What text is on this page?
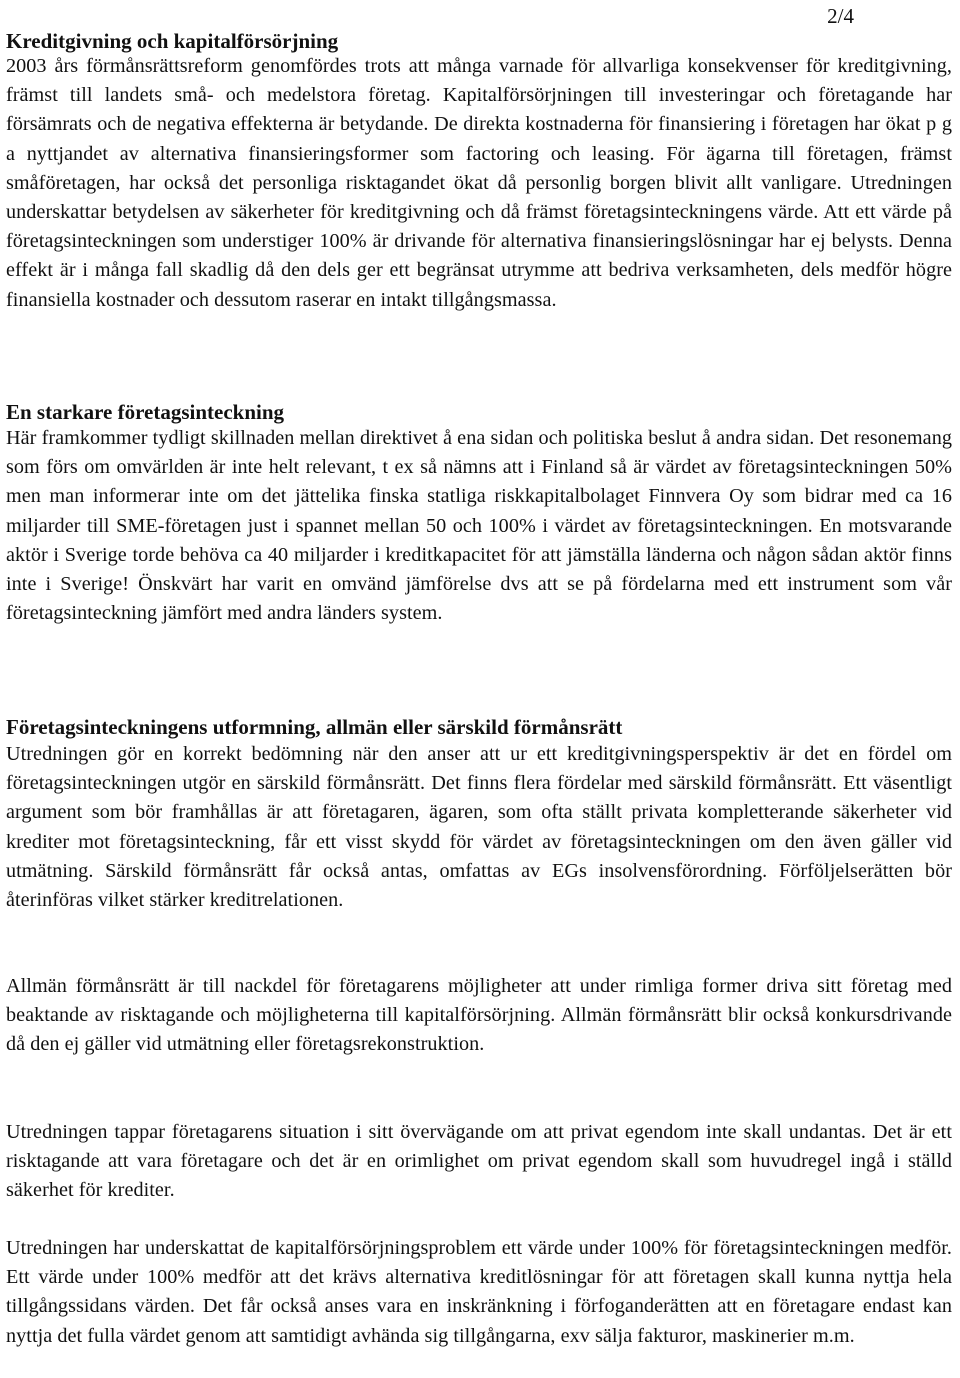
2/4
Kreditgivning och kapitalförsörjning

2003 års förmånsrättsreform genomfördes trots att många varnade för allvarliga konsekvenser för kreditgivning, främst till landets små- och medelstora företag. Kapitalförsörjningen till investeringar och företagande har försämrats och de negativa effekterna är betydande. De direkta kostnaderna för finansiering i företagen har ökat p g a nyttjandet av alternativa finansieringsformer som factoring och leasing. För ägarna till företagen, främst småföretagen, har också det personliga risktagandet ökat då personlig borgen blivit allt vanligare. Utredningen underskattar betydelsen av säkerheter för kreditgivning och då främst företagsinteckningens värde. Att ett värde på företagsinteckningen som understiger 100% är drivande för alternativa finansieringslösningar har ej belysts. Denna effekt är i många fall skadlig då den dels ger ett begränsat utrymme att bedriva verksamheten, dels medför högre finansiella kostnader och dessutom raserar en intakt tillgångsmassa.

En starkare företagsinteckning

Här framkommer tydligt skillnaden mellan direktivet å ena sidan och politiska beslut å andra sidan. Det resonemang som förs om omvärlden är inte helt relevant, t ex så nämns att i Finland så är värdet av företagsinteckningen 50% men man informerar inte om det jättelika finska statliga riskkapitalbolaget Finnvera Oy som bidrar med ca 16 miljarder till SME-företagen just i spannet mellan 50 och 100% i värdet av företagsinteckningen. En motsvarande aktör i Sverige torde behöva ca 40 miljarder i kreditkapacitet för att jämställa länderna och någon sådan aktör finns inte i Sverige! Önskvärt har varit en omvänd jämförelse dvs att se på fördelarna med ett instrument som vår företagsinteckning jämfört med andra länders system.

Företagsinteckningens utformning, allmän eller särskild förmånsrätt

Utredningen gör en korrekt bedömning när den anser att ur ett kreditgivningsperspektiv är det en fördel om företagsinteckningen utgör en särskild förmånsrätt. Det finns flera fördelar med särskild förmånsrätt. Ett väsentligt argument som bör framhållas är att företagaren, ägaren, som ofta ställt privata kompletterande säkerheter vid krediter mot företagsinteckning, får ett visst skydd för värdet av företagsinteckningen om den även gäller vid utmätning. Särskild förmånsrätt får också antas, omfattas av EGs insolvensförordning. Förföljelserätten bör återinföras vilket stärker kreditrelationen.

Allmän förmånsrätt är till nackdel för företagarens möjligheter att under rimliga former driva sitt företag med beaktande av risktagande och möjligheterna till kapitalförsörjning. Allmän förmånsrätt blir också konkursdrivande då den ej gäller vid utmätning eller företagsrekonstruktion.

Utredningen tappar företagarens situation i sitt övervägande om att privat egendom inte skall undantas. Det är ett risktagande att vara företagare och det är en orimlighet om privat egendom skall som huvudregel ingå i ställd säkerhet för krediter.

Utredningen har underskattat de kapitalförsörjningsproblem ett värde under 100% för företagsinteckningen medför. Ett värde under 100% medför att det krävs alternativa kreditlösningar för att företagen skall kunna nyttja hela tillgångssidans värden. Det får också anses vara en inskränkning i förfoganderätten att en företagare endast kan nyttja det fulla värdet genom att samtidigt avhända sig tillgångarna, exv sälja fakturor, maskinerier m.m.
